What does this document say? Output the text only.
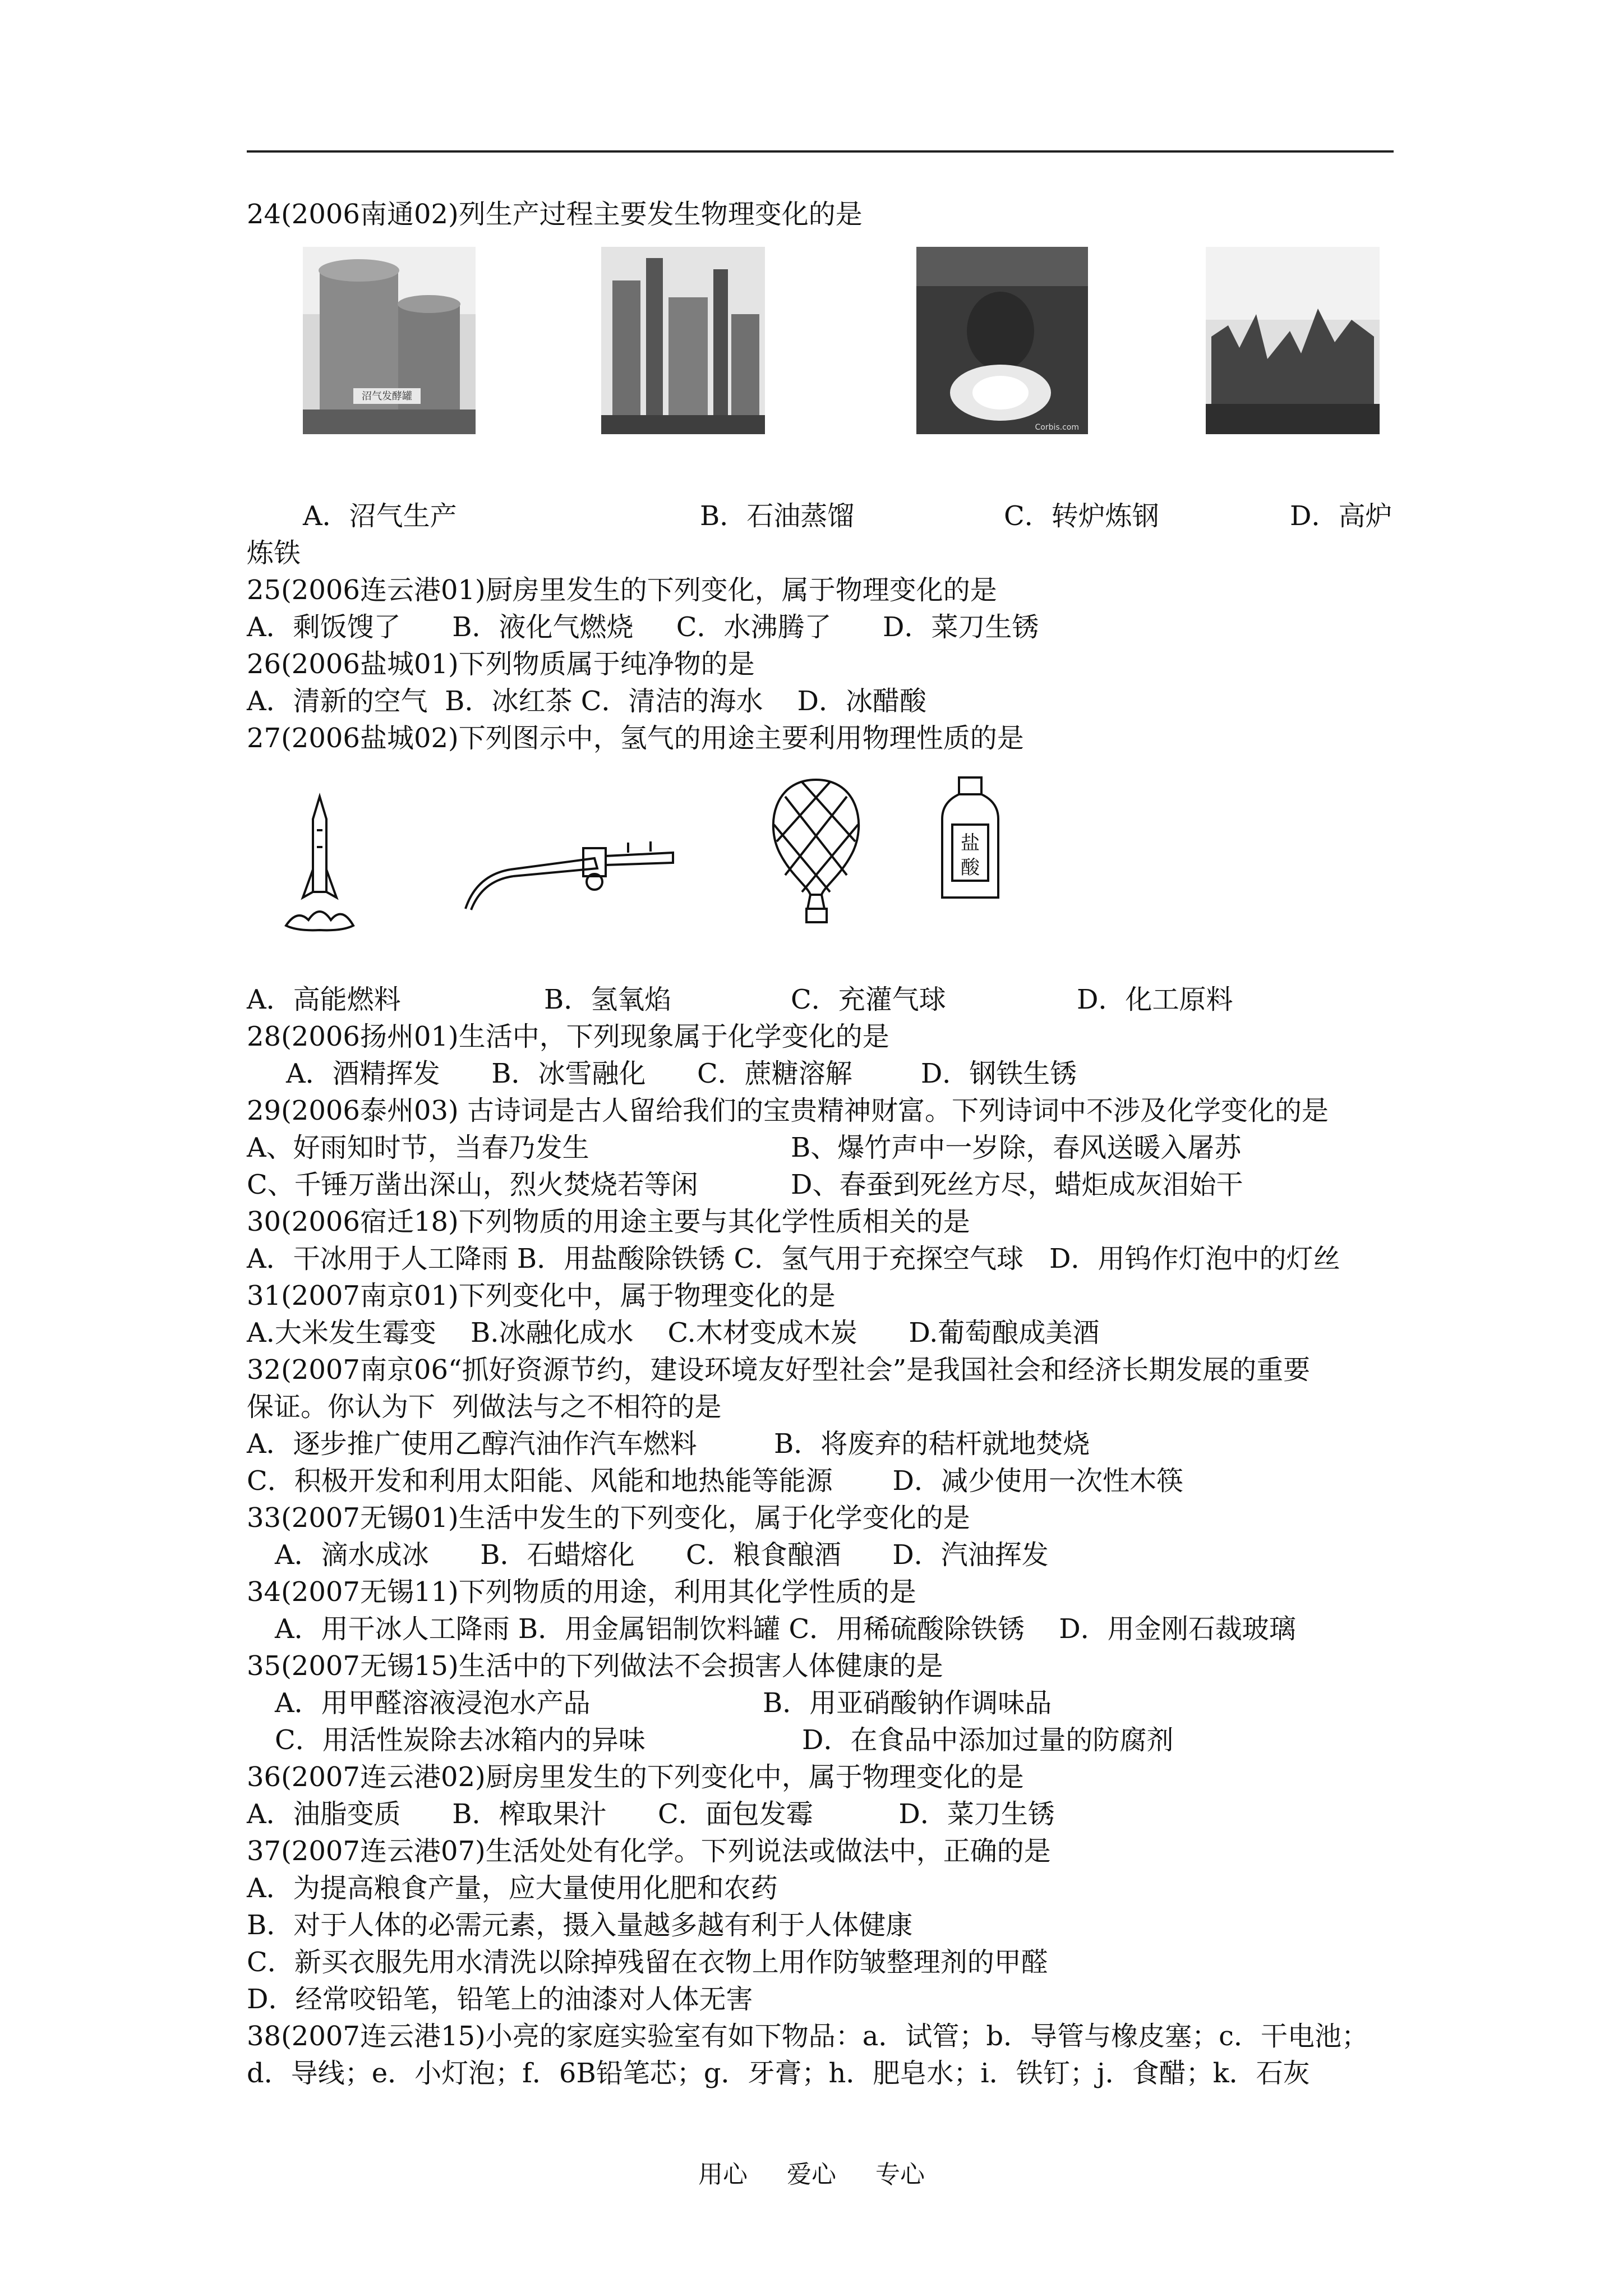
24(2006南通02)列生产过程主要发生物理变化的是
沼气发酵罐
Corbis.com
A．沼气生产	B．石油蒸馏	C．转炉炼钢	D．高炉
炼铁
25(2006连云港01)厨房里发生的下列变化，属于物理变化的是
A．剩饭馊了      B．液化气燃烧     C．水沸腾了      D．菜刀生锈
26(2006盐城01)下列物质属于纯净物的是
A．清新的空气  B．冰红茶 C．清洁的海水    D．冰醋酸
27(2006盐城02)下列图示中，氢气的用途主要利用物理性质的是
盐
酸
A．高能燃料	B．氢氧焰	C．充灌气球	D．化工原料
28(2006扬州01)生活中，下列现象属于化学变化的是
A．酒精挥发      B．冰雪融化      C．蔗糖溶解        D．钢铁生锈
29(2006泰州03) 古诗词是古人留给我们的宝贵精神财富。下列诗词中不涉及化学变化的是
A、好雨知时节，当春乃发生	B、爆竹声中一岁除，春风送暖入屠苏
C、千锤万凿出深山，烈火焚烧若等闲	D、春蚕到死丝方尽，蜡炬成灰泪始干
30(2006宿迁18)下列物质的用途主要与其化学性质相关的是
A．干冰用于人工降雨 B．用盐酸除铁锈 C．氢气用于充探空气球   D．用钨作灯泡中的灯丝
31(2007南京01)下列变化中，属于物理变化的是
A.大米发生霉变    B.冰融化成水    C.木材变成木炭      D.葡萄酿成美酒
32(2007南京06“抓好资源节约，建设环境友好型社会”是我国社会和经济长期发展的重要
保证。你认为下  列做法与之不相符的是
A．逐步推广使用乙醇汽油作汽车燃料	B．将废弃的秸杆就地焚烧
C．积极开发和利用太阳能、风能和地热能等能源       D．减少使用一次性木筷
33(2007无锡01)生活中发生的下列变化，属于化学变化的是
A．滴水成冰      B．石蜡熔化      C．粮食酿酒      D．汽油挥发
34(2007无锡11)下列物质的用途，利用其化学性质的是
A．用干冰人工降雨 B．用金属铝制饮料罐 C．用稀硫酸除铁锈    D．用金刚石裁玻璃
35(2007无锡15)生活中的下列做法不会损害人体健康的是
A．用甲醛溶液浸泡水产品	B．用亚硝酸钠作调味品
C．用活性炭除去冰箱内的异味	D．在食品中添加过量的防腐剂
36(2007连云港02)厨房里发生的下列变化中，属于物理变化的是
A．油脂变质      B．榨取果汁      C．面包发霉          D．菜刀生锈
37(2007连云港07)生活处处有化学。下列说法或做法中，正确的是
A．为提高粮食产量，应大量使用化肥和农药
B．对于人体的必需元素，摄入量越多越有利于人体健康
C．新买衣服先用水清洗以除掉残留在衣物上用作防皱整理剂的甲醛
D．经常咬铅笔，铅笔上的油漆对人体无害
38(2007连云港15)小亮的家庭实验室有如下物品：a．试管；b．导管与橡皮塞；c．干电池；
d．导线；e．小灯泡；f．6B铅笔芯；g．牙膏；h．肥皂水；i．铁钉；j．食醋；k．石灰
用心 爱心 专心
